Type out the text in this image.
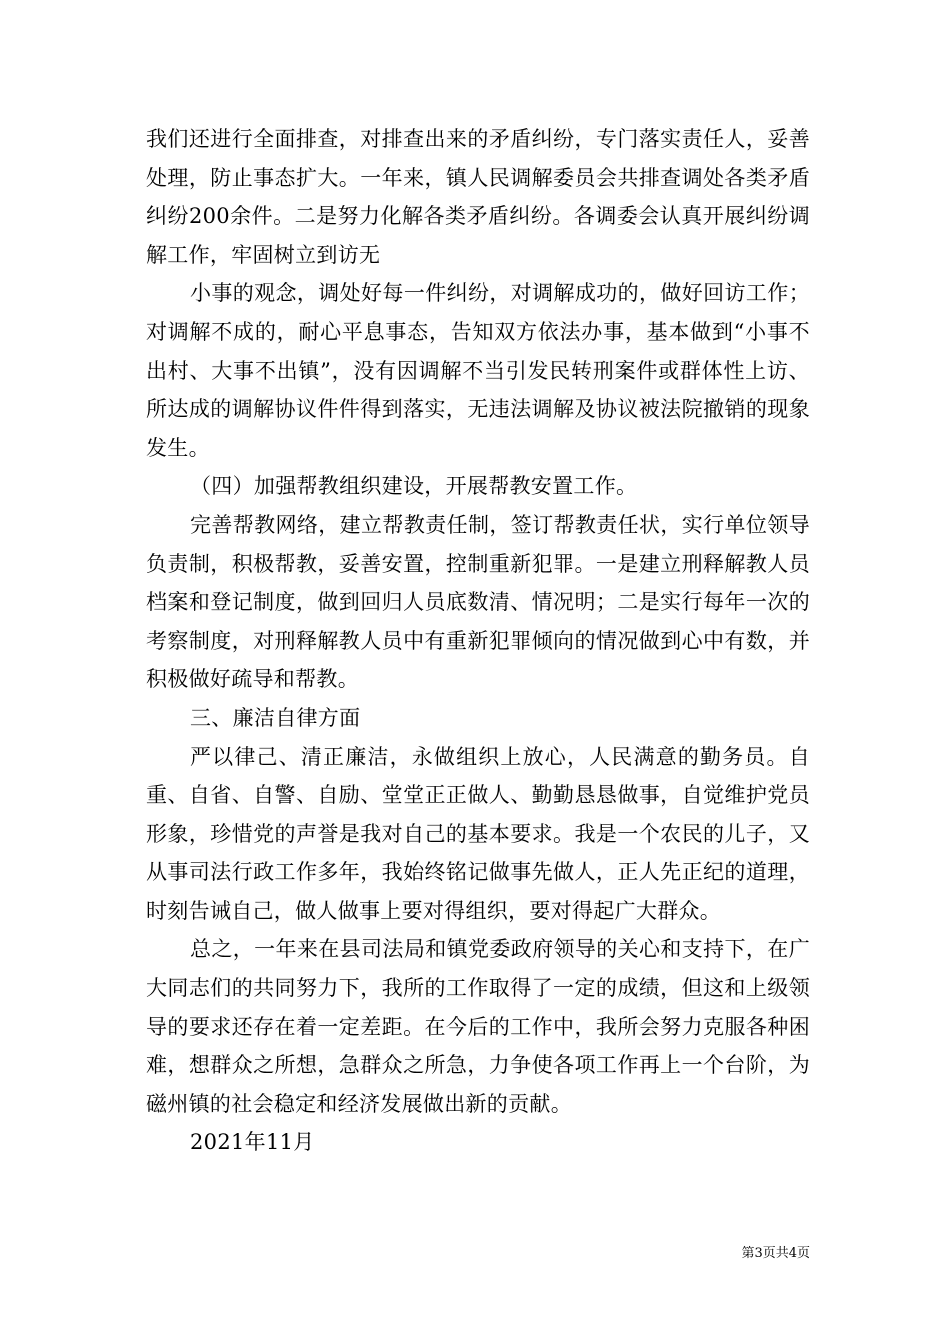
我们还进行全面排查，对排查出来的矛盾纠纷，专门落实责任人，妥善处理，防止事态扩大。一年来，镇人民调解委员会共排查调处各类矛盾纠纷200余件。二是努力化解各类矛盾纠纷。各调委会认真开展纠纷调解工作，牢固树立到访无

小事的观念，调处好每一件纠纷，对调解成功的，做好回访工作；对调解不成的，耐心平息事态，告知双方依法办事，基本做到“小事不出村、大事不出镇”，没有因调解不当引发民转刑案件或群体性上访、所达成的调解协议件件得到落实，无违法调解及协议被法院撤销的现象发生。

（四）加强帮教组织建设，开展帮教安置工作。

完善帮教网络，建立帮教责任制，签订帮教责任状，实行单位领导负责制，积极帮教，妥善安置，控制重新犯罪。一是建立刑释解教人员档案和登记制度，做到回归人员底数清、情况明；二是实行每年一次的考察制度，对刑释解教人员中有重新犯罪倾向的情况做到心中有数，并积极做好疏导和帮教。

三、廉洁自律方面

严以律己、清正廉洁，永做组织上放心，人民满意的勤务员。自重、自省、自警、自励、堂堂正正做人、勤勤恳恳做事，自觉维护党员形象，珍惜党的声誉是我对自己的基本要求。我是一个农民的儿子，又从事司法行政工作多年，我始终铭记做事先做人，正人先正纪的道理，时刻告诫自己，做人做事上要对得组织，要对得起广大群众。

总之，一年来在县司法局和镇党委政府领导的关心和支持下，在广大同志们的共同努力下，我所的工作取得了一定的成绩，但这和上级领导的要求还存在着一定差距。在今后的工作中，我所会努力克服各种困难，想群众之所想，急群众之所急，力争使各项工作再上一个台阶，为磁州镇的社会稳定和经济发展做出新的贡献。

2021年11月

第3页共4页
